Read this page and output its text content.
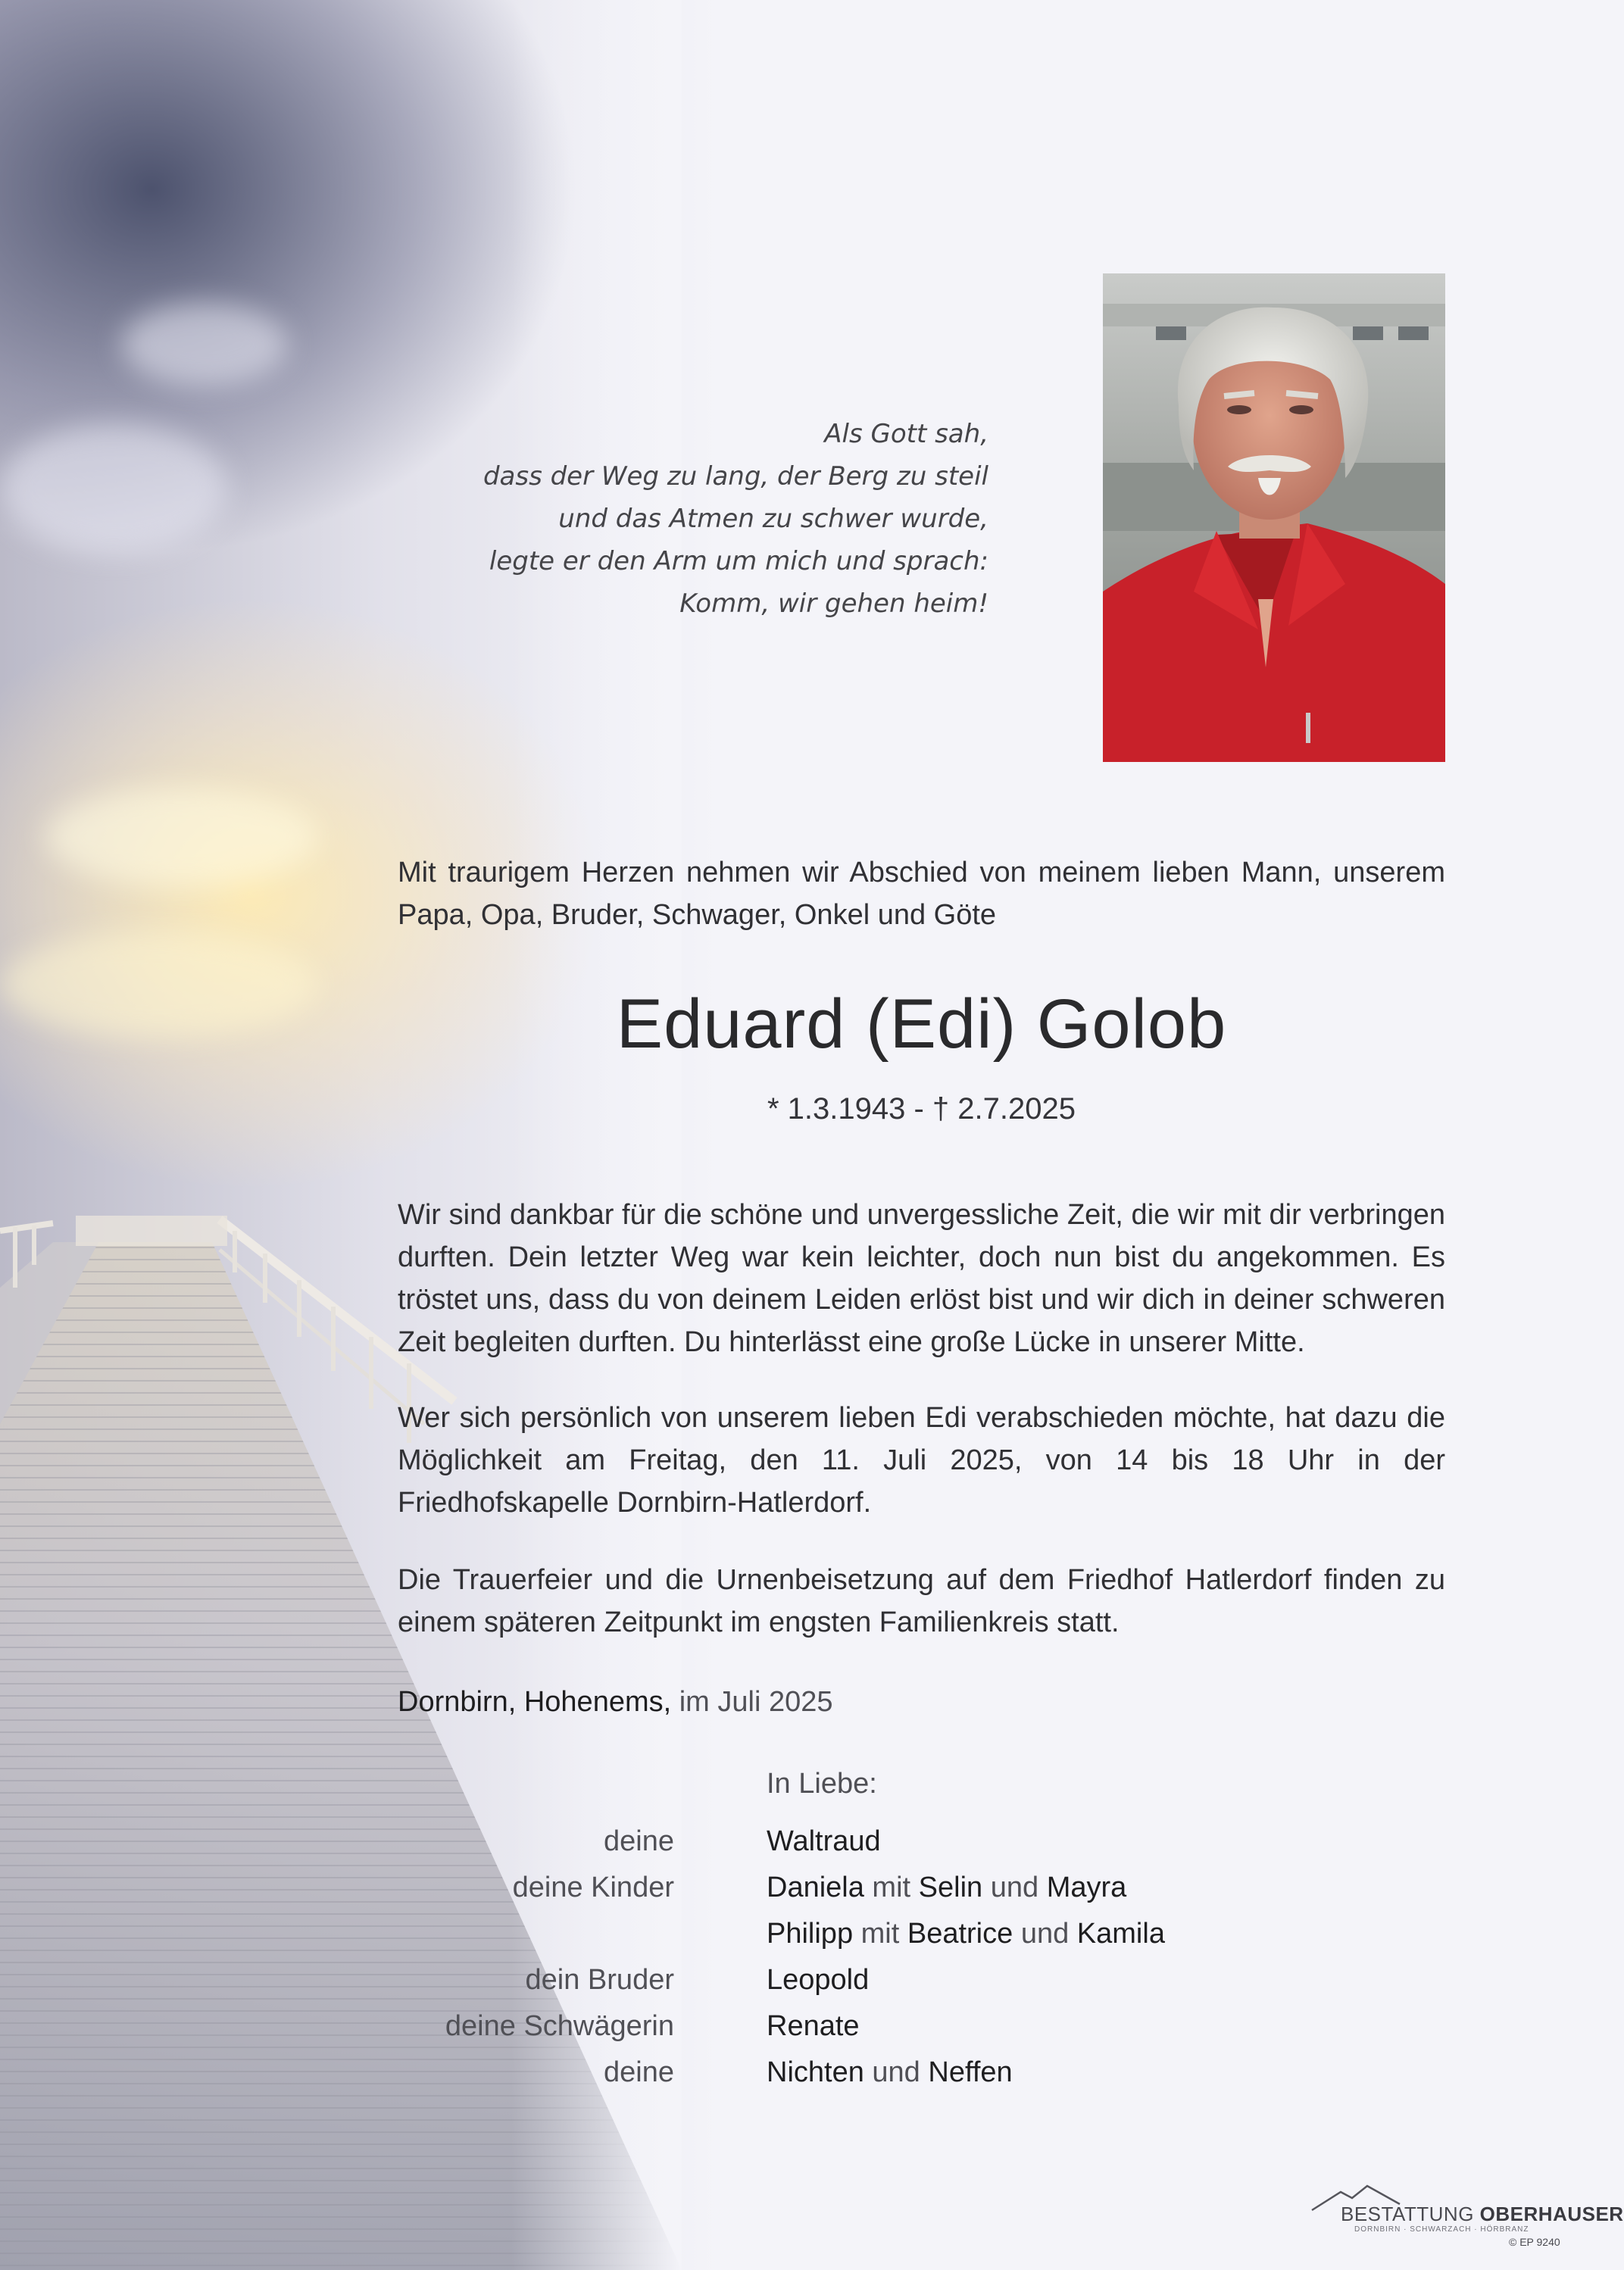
Als Gott sah,
dass der Weg zu lang, der Berg zu steil
und das Atmen zu schwer wurde,
legte er den Arm um mich und sprach:
Komm, wir gehen heim!
Mit traurigem Herzen nehmen wir Abschied von meinem lieben Mann, unserem Papa, Opa, Bruder, Schwager, Onkel und Göte
Eduard (Edi) Golob
* 1.3.1943 - † 2.7.2025
Wir sind dankbar für die schöne und unvergessliche Zeit, die wir mit dir verbringen durften. Dein letzter Weg war kein leichter, doch nun bist du angekommen. Es tröstet uns, dass du von deinem Leiden erlöst bist und wir dich in deiner schweren Zeit begleiten durften. Du hinterlässt eine große Lücke in unserer Mitte.
Wer sich persönlich von unserem lieben Edi verabschieden möchte, hat dazu die Möglichkeit am Freitag, den 11. Juli 2025, von 14 bis 18 Uhr in der Friedhofskapelle Dornbirn-Hatlerdorf.
Die Trauerfeier und die Urnenbeisetzung auf dem Friedhof Hatlerdorf finden zu einem späteren Zeitpunkt im engsten Familienkreis statt.
Dornbirn, Hohenems, im Juli 2025
In Liebe:
deine	Waltraud
deine Kinder	Daniela mit Selin und Mayra
Philipp mit Beatrice und Kamila
dein Bruder	Leopold
deine Schwägerin	Renate
deine	Nichten und Neffen
BESTATTUNG OBERHAUSER
DORNBIRN · SCHWARZACH · HÖRBRANZ
© EP 9240
